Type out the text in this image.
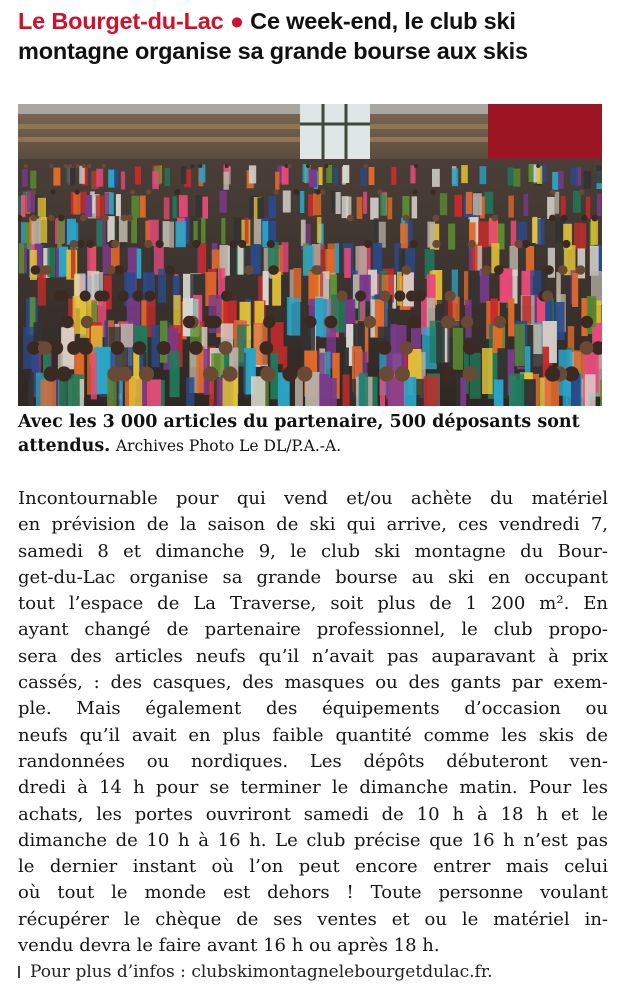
Le Bourget-du-Lac ● Ce week-end, le club ski montagne organise sa grande bourse aux skis
Avec les 3 000 articles du partenaire, 500 déposants sont attendus. Archives Photo Le DL/P.A.-A.
Incontournable pour qui vend et/ou achète du matériel
en prévision de la saison de ski qui arrive, ces vendredi 7,
samedi 8 et dimanche 9, le club ski montagne du Bour-
get-du-Lac organise sa grande bourse au ski en occupant
tout l’espace de La Traverse, soit plus de 1 200 m². En
ayant changé de partenaire professionnel, le club propo-
sera des articles neufs qu’il n’avait pas auparavant à prix
cassés, : des casques, des masques ou des gants par exem-
ple. Mais également des équipements d’occasion ou
neufs qu’il avait en plus faible quantité comme les skis de
randonnées ou nordiques. Les dépôts débuteront ven-
dredi à 14 h pour se terminer le dimanche matin. Pour les
achats, les portes ouvriront samedi de 10 h à 18 h et le
dimanche de 10 h à 16 h. Le club précise que 16 h n’est pas
le dernier instant où l’on peut encore entrer mais celui
où tout le monde est dehors ! Toute personne voulant
récupérer le chèque de ses ventes et ou le matériel in-
vendu devra le faire avant 16 h ou après 18 h.
Pour plus d’infos : clubskimontagnelebourgetdulac.fr.
